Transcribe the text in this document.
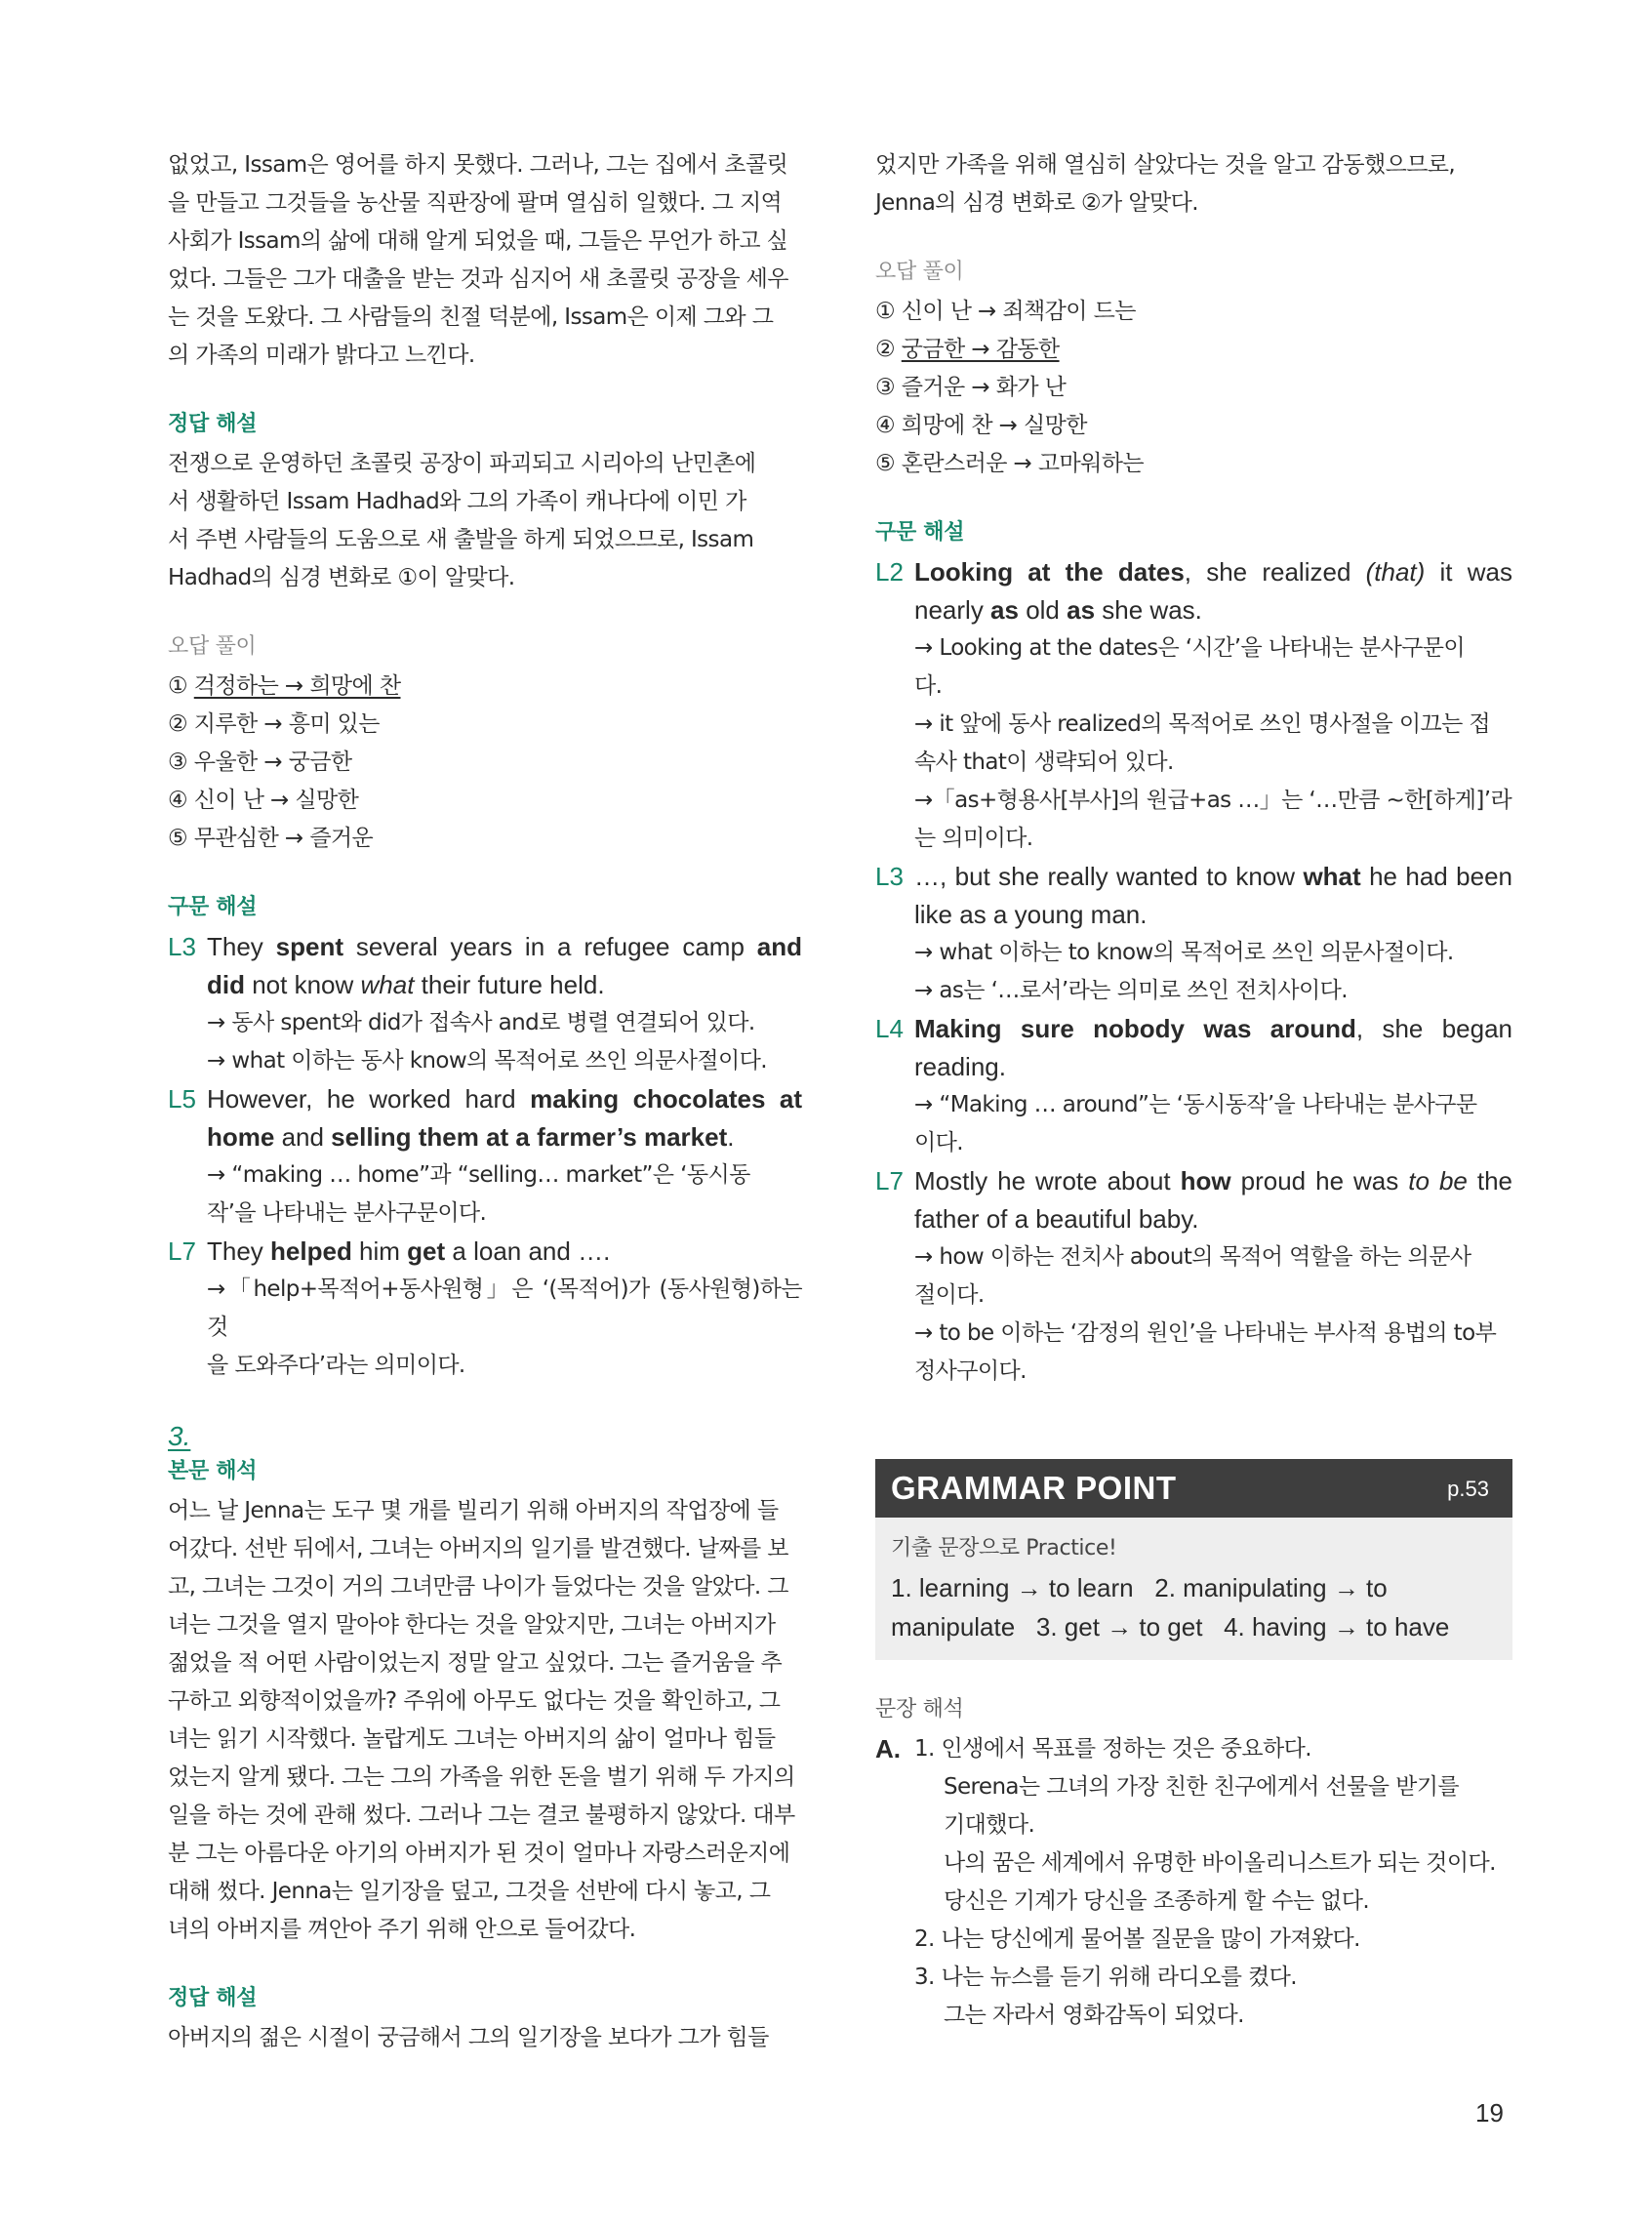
없었고, Issam은 영어를 하지 못했다. 그러나, 그는 집에서 초콜릿

을 만들고 그것들을 농산물 직판장에 팔며 열심히 일했다. 그 지역

사회가 Issam의 삶에 대해 알게 되었을 때, 그들은 무언가 하고 싶

었다. 그들은 그가 대출을 받는 것과 심지어 새 초콜릿 공장을 세우

는 것을 도왔다. 그 사람들의 친절 덕분에, Issam은 이제 그와 그

의 가족의 미래가 밝다고 느낀다.

정답 해설

전쟁으로 운영하던 초콜릿 공장이 파괴되고 시리아의 난민촌에

서 생활하던 Issam Hadhad와 그의 가족이 캐나다에 이민 가

서 주변 사람들의 도움으로 새 출발을 하게 되었으므로, Issam

Hadhad의 심경 변화로 ①이 알맞다.

오답 풀이

① 걱정하는 → 희망에 찬
② 지루한 → 흥미 있는
③ 우울한 → 궁금한
④ 신이 난 → 실망한
⑤ 무관심한 → 즐거운

구문 해설

L3 They spent several years in a refugee camp and did not know what their future held.

→ 동사 spent와 did가 접속사 and로 병렬 연결되어 있다.

→ what 이하는 동사 know의 목적어로 쓰인 의문사절이다.

L5 However, he worked hard making chocolates at home and selling them at a farmer’s market.

→ “making … home”과 “selling… market”은 ‘동시동

작’을 나타내는 분사구문이다.

L7 They helped him get a loan and ….

→「help+목적어+동사원형」은 ‘(목적어)가 (동사원형)하는 것

을 도와주다’라는 의미이다.

3.

본문 해석

어느 날 Jenna는 도구 몇 개를 빌리기 위해 아버지의 작업장에 들

어갔다. 선반 뒤에서, 그녀는 아버지의 일기를 발견했다. 날짜를 보

고, 그녀는 그것이 거의 그녀만큼 나이가 들었다는 것을 알았다. 그

녀는 그것을 열지 말아야 한다는 것을 알았지만, 그녀는 아버지가

젊었을 적 어떤 사람이었는지 정말 알고 싶었다. 그는 즐거움을 추

구하고 외향적이었을까? 주위에 아무도 없다는 것을 확인하고, 그

녀는 읽기 시작했다. 놀랍게도 그녀는 아버지의 삶이 얼마나 힘들

었는지 알게 됐다. 그는 그의 가족을 위한 돈을 벌기 위해 두 가지의

일을 하는 것에 관해 썼다. 그러나 그는 결코 불평하지 않았다. 대부

분 그는 아름다운 아기의 아버지가 된 것이 얼마나 자랑스러운지에

대해 썼다. Jenna는 일기장을 덮고, 그것을 선반에 다시 놓고, 그

녀의 아버지를 껴안아 주기 위해 안으로 들어갔다.

정답 해설

아버지의 젊은 시절이 궁금해서 그의 일기장을 보다가 그가 힘들

었지만 가족을 위해 열심히 살았다는 것을 알고 감동했으므로,

Jenna의 심경 변화로 ②가 알맞다.

오답 풀이

① 신이 난 → 죄책감이 드는
② 궁금한 → 감동한
③ 즐거운 → 화가 난
④ 희망에 찬 → 실망한
⑤ 혼란스러운 → 고마워하는

구문 해설

L2 Looking at the dates, she realized (that) it was nearly as old as she was.

→ Looking at the dates은 ‘시간’을 나타내는 분사구문이

다.

→ it 앞에 동사 realized의 목적어로 쓰인 명사절을 이끄는 접

속사 that이 생략되어 있다.

→「as+형용사[부사]의 원급+as …」는 ‘…만큼 ~한[하게]’라

는 의미이다.

L3 …, but she really wanted to know what he had been like as a young man.

→ what 이하는 to know의 목적어로 쓰인 의문사절이다.

→ as는 ‘…로서’라는 의미로 쓰인 전치사이다.

L4 Making sure nobody was around, she began reading.

→ “Making … around”는 ‘동시동작’을 나타내는 분사구문

이다.

L7 Mostly he wrote about how proud he was to be the father of a beautiful baby.

→ how 이하는 전치사 about의 목적어 역할을 하는 의문사

절이다.

→ to be 이하는 ‘감정의 원인’을 나타내는 부사적 용법의 to부

정사구이다.

GRAMMAR POINT	p.53

기출 문장으로 Practice!

1. learning → to learn   2. manipulating → to

manipulate   3. get → to get   4. having → to have

문장 해석

A. 1. 인생에서 목표를 정하는 것은 중요하다.

Serena는 그녀의 가장 친한 친구에게서 선물을 받기를

기대했다.

나의 꿈은 세계에서 유명한 바이올리니스트가 되는 것이다.

당신은 기계가 당신을 조종하게 할 수는 없다.

2. 나는 당신에게 물어볼 질문을 많이 가져왔다.

3. 나는 뉴스를 듣기 위해 라디오를 켰다.

그는 자라서 영화감독이 되었다.

19
